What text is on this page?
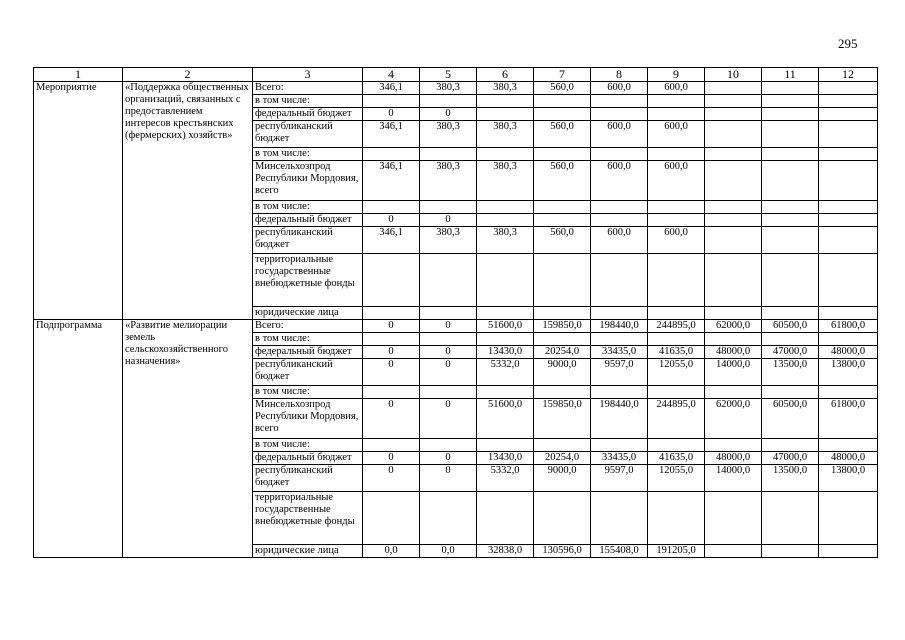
295
1	2	3	4	5	6	7	8	9	10	11	12
Мероприятие	«Поддержка общественных организаций, связанных с предоставлением интересов крестьянских (фермерских) хозяйств»	Всего:	346,1	380,3	380,3	560,0	600,0	600,0			
		в том числе:									
		федеральный бюджет	0	0							
		республиканский бюджет	346,1	380,3	380,3	560,0	600,0	600,0			
		в том числе:									
		Минсельхозпрод Республики Мордовия, всего	346,1	380,3	380,3	560,0	600,0	600,0			
		в том числе:									
		федеральный бюджет	0	0							
		республиканский бюджет	346,1	380,3	380,3	560,0	600,0	600,0			
		территориальные государственные внебюджетные фонды									
		юридические лица									
Подпрограмма	«Развитие мелиорации земель сельскохозяйственного назначения»	Всего:	0	0	51600,0	159850,0	198440,0	244895,0	62000,0	60500,0	61800,0
		в том числе:									
		федеральный бюджет	0	0	13430,0	20254,0	33435,0	41635,0	48000,0	47000,0	48000,0
		республиканский бюджет	0	0	5332,0	9000,0	9597,0	12055,0	14000,0	13500,0	13800,0
		в том числе:									
		Минсельхозпрод Республики Мордовия, всего	0	0	51600,0	159850,0	198440,0	244895,0	62000,0	60500,0	61800,0
		в том числе:									
		федеральный бюджет	0	0	13430,0	20254,0	33435,0	41635,0	48000,0	47000,0	48000,0
		республиканский бюджет	0	0	5332,0	9000,0	9597,0	12055,0	14000,0	13500,0	13800,0
		территориальные государственные внебюджетные фонды									
		юридические лица	0,0	0,0	32838,0	130596,0	155408,0	191205,0			
